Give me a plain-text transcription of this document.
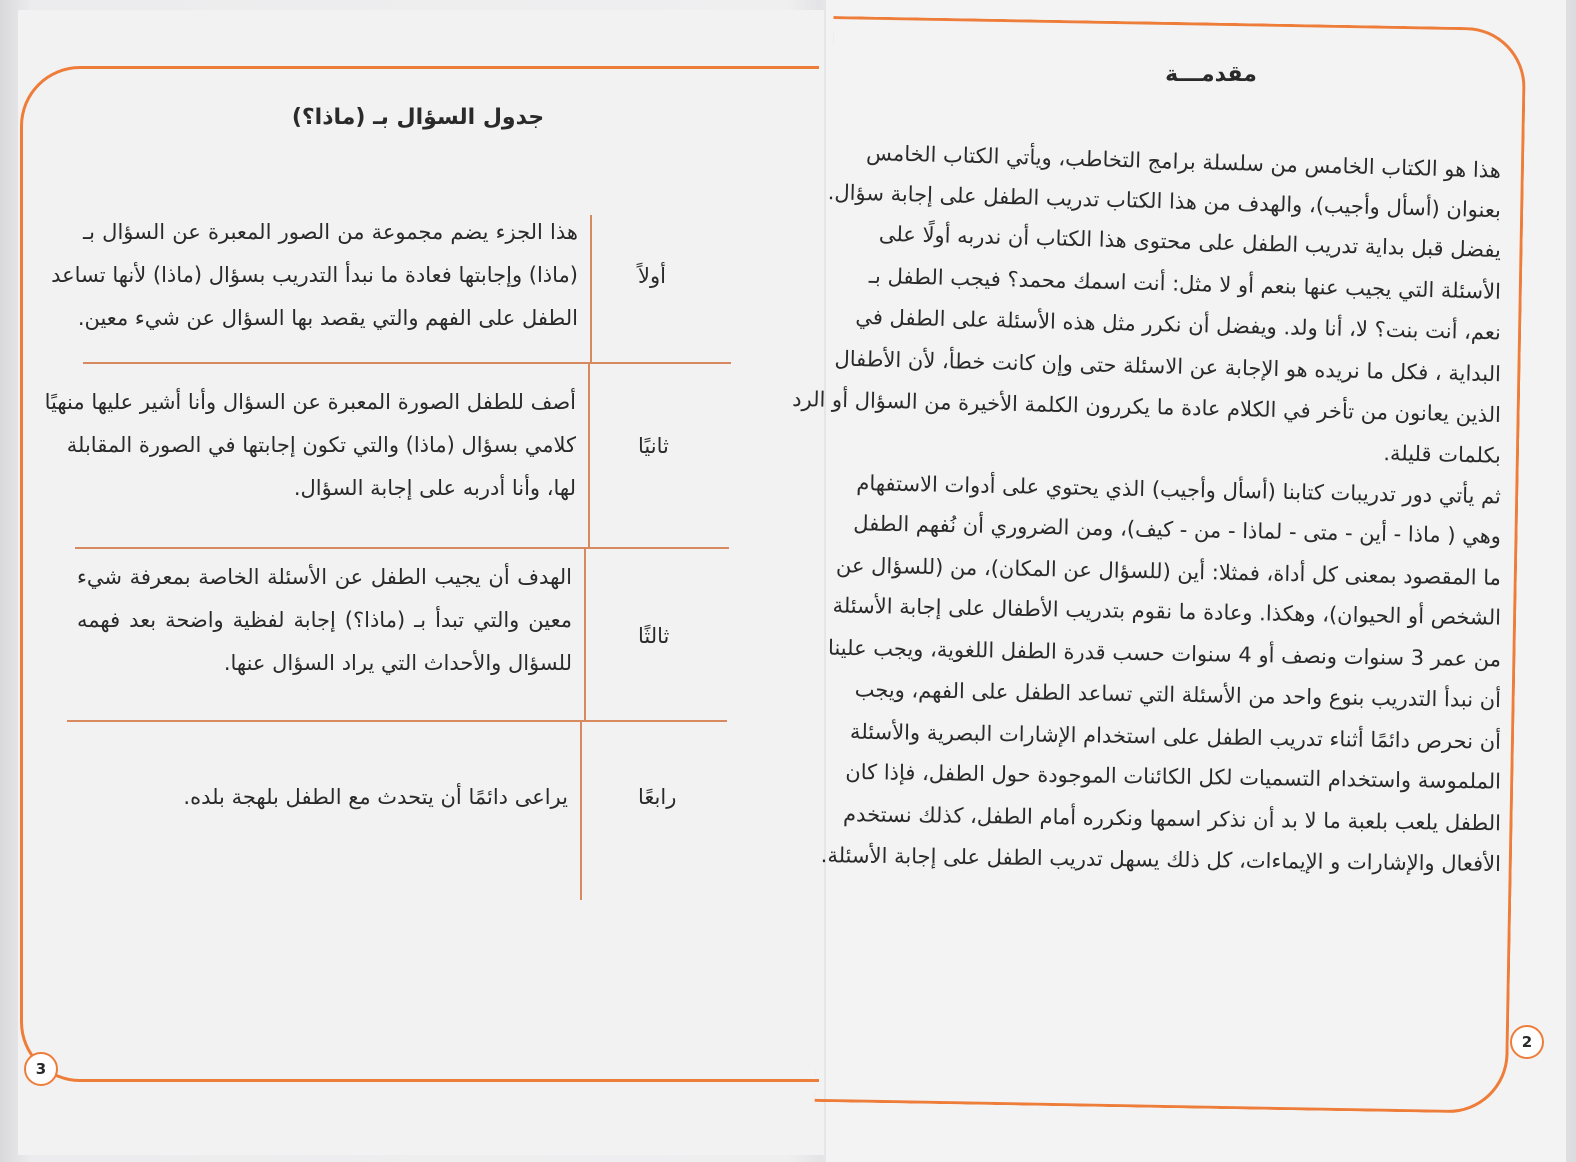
جدول السؤال بـ (ماذا؟)
أولاً
هذا الجزء يضم مجموعة من الصور المعبرة عن السؤال بـ
(ماذا) وإجابتها فعادة ما نبدأ التدريب بسؤال (ماذا) لأنها تساعد
الطفل على الفهم والتي يقصد بها السؤال عن شيء معين.
ثانيًا
أصف للطفل الصورة المعبرة عن السؤال وأنا أشير عليها منهيًا
كلامي بسؤال (ماذا) والتي تكون إجابتها في الصورة المقابلة
لها، وأنا أدربه على إجابة السؤال.
ثالثًا
الهدف أن يجيب الطفل عن الأسئلة الخاصة بمعرفة شيء
معين والتي تبدأ بـ (ماذا؟) إجابة لفظية واضحة بعد فهمه
للسؤال والأحداث التي يراد السؤال عنها.
رابعًا
يراعى دائمًا أن يتحدث مع الطفل بلهجة بلده.
3
مقدمـــة
هذا هو الكتاب الخامس من سلسلة برامج التخاطب، ويأتي الكتاب الخامس
بعنوان (أسأل وأجيب)، والهدف من هذا الكتاب تدريب الطفل على إجابة سؤال.
يفضل قبل بداية تدريب الطفل على محتوى هذا الكتاب أن ندربه أولًا على
الأسئلة التي يجيب عنها بنعم أو لا مثل: أنت اسمك محمد؟ فيجب الطفل بـ
نعم، أنت بنت؟ لا، أنا ولد. ويفضل أن نكرر مثل هذه الأسئلة على الطفل في
البداية ، فكل ما نريده هو الإجابة عن الاسئلة حتى وإن كانت خطأ، لأن الأطفال
الذين يعانون من تأخر في الكلام عادة ما يكررون الكلمة الأخيرة من السؤال أو الرد
بكلمات قليلة.
ثم يأتي دور تدريبات كتابنا (أسأل وأجيب) الذي يحتوي على أدوات الاستفهام
وهي ( ماذا - أين - متى - لماذا - من - كيف)، ومن الضروري أن نُفهم الطفل
ما المقصود بمعنى كل أداة، فمثلا: أين (للسؤال عن المكان)، من (للسؤال عن
الشخص أو الحيوان)، وهكذا. وعادة ما نقوم بتدريب الأطفال على إجابة الأسئلة
من عمر 3 سنوات ونصف أو 4 سنوات حسب قدرة الطفل اللغوية، ويجب علينا
أن نبدأ التدريب بنوع واحد من الأسئلة التي تساعد الطفل على الفهم، ويجب
أن نحرص دائمًا أثناء تدريب الطفل على استخدام الإشارات البصرية والأسئلة
الملموسة واستخدام التسميات لكل الكائنات الموجودة حول الطفل، فإذا كان
الطفل يلعب بلعبة ما لا بد أن نذكر اسمها ونكرره أمام الطفل، كذلك نستخدم
الأفعال والإشارات و الإيماءات، كل ذلك يسهل تدريب الطفل على إجابة الأسئلة.
2
